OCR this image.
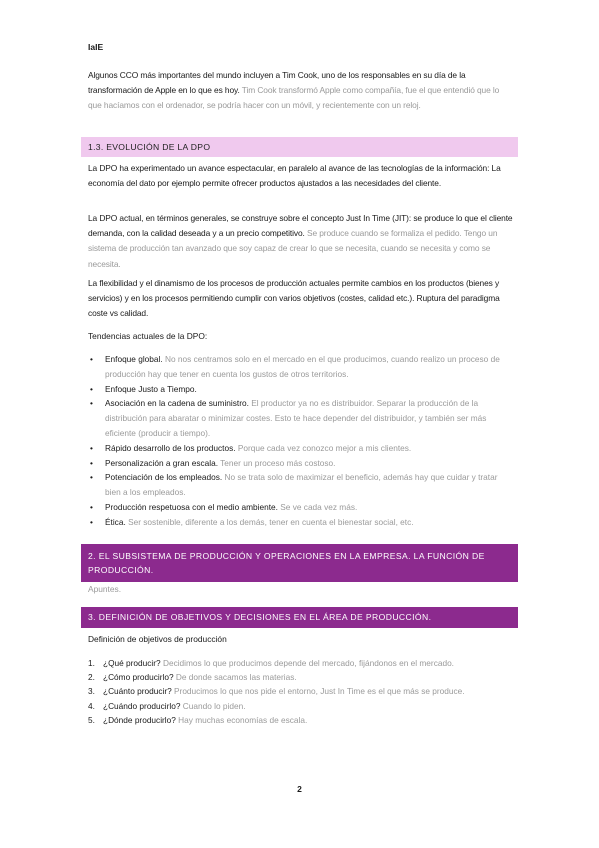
IaIE
Algunos CCO más importantes del mundo incluyen a Tim Cook, uno de los responsables en su día de la transformación de Apple en lo que es hoy. Tim Cook transformó Apple como compañía, fue el que entendió que lo que hacíamos con el ordenador, se podría hacer con un móvil, y recientemente con un reloj.
1.3. EVOLUCIÓN DE LA DPO
La DPO ha experimentado un avance espectacular, en paralelo al avance de las tecnologías de la información: La economía del dato por ejemplo permite ofrecer productos ajustados a las necesidades del cliente.
La DPO actual, en términos generales, se construye sobre el concepto Just In Time (JIT): se produce lo que el cliente demanda, con la calidad deseada y a un precio competitivo. Se produce cuando se formaliza el pedido. Tengo un sistema de producción tan avanzado que soy capaz de crear lo que se necesita, cuando se necesita y como se necesita.
La flexibilidad y el dinamismo de los procesos de producción actuales permite cambios en los productos (bienes y servicios) y en los procesos permitiendo cumplir con varios objetivos (costes, calidad etc.). Ruptura del paradigma coste vs calidad.
Tendencias actuales de la DPO:
• Enfoque global. No nos centramos solo en el mercado en el que producimos, cuando realizo un proceso de producción hay que tener en cuenta los gustos de otros territorios.
• Enfoque Justo a Tiempo.
• Asociación en la cadena de suministro. El productor ya no es distribuidor. Separar la producción de la distribución para abaratar o minimizar costes. Esto te hace depender del distribuidor, y también ser más eficiente (producir a tiempo).
• Rápido desarrollo de los productos. Porque cada vez conozco mejor a mis clientes.
• Personalización a gran escala. Tener un proceso más costoso.
• Potenciación de los empleados. No se trata solo de maximizar el beneficio, además hay que cuidar y tratar bien a los empleados.
• Producción respetuosa con el medio ambiente. Se ve cada vez más.
• Ética. Ser sostenible, diferente a los demás, tener en cuenta el bienestar social, etc.
2. EL SUBSISTEMA DE PRODUCCIÓN Y OPERACIONES EN LA EMPRESA. LA FUNCIÓN DE PRODUCCIÓN.
Apuntes.
3. DEFINICIÓN DE OBJETIVOS Y DECISIONES EN EL ÁREA DE PRODUCCIÓN.
Definición de objetivos de producción
1. ¿Qué producir? Decidimos lo que producimos depende del mercado, fijándonos en el mercado.
2. ¿Cómo producirlo? De donde sacamos las materias.
3. ¿Cuánto producir? Producimos lo que nos pide el entorno, Just In Time es el que más se produce.
4. ¿Cuándo producirlo? Cuando lo piden.
5. ¿Dónde producirlo? Hay muchas economías de escala.
2
